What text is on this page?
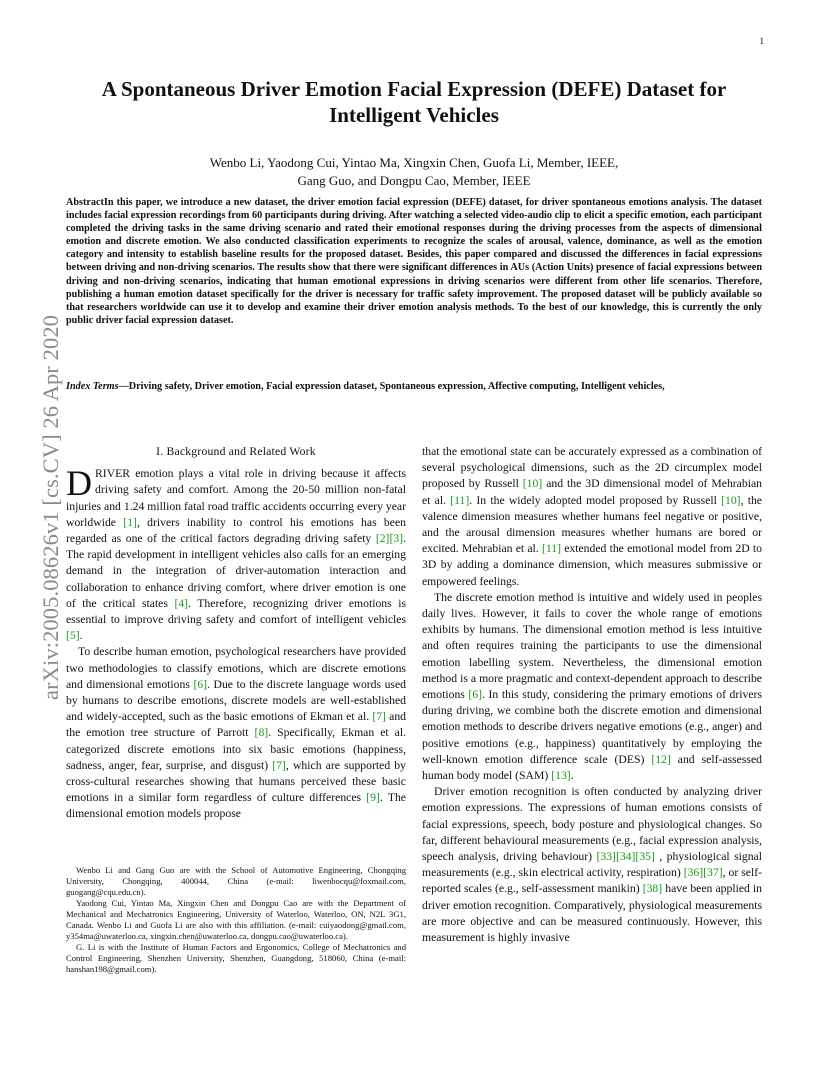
1
arXiv:2005.08626v1 [cs.CV] 26 Apr 2020
A Spontaneous Driver Emotion Facial Expression (DEFE) Dataset for Intelligent Vehicles
Wenbo Li, Yaodong Cui, Yintao Ma, Xingxin Chen, Guofa Li, Member, IEEE,
Gang Guo, and Dongpu Cao, Member, IEEE

AbstractIn this paper, we introduce a new dataset, the driver emotion facial expression (DEFE) dataset, for driver spontaneous emotions analysis. The dataset includes facial expression recordings from 60 participants during driving. After watching a selected video-audio clip to elicit a specific emotion, each participant completed the driving tasks in the same driving scenario and rated their emotional responses during the driving processes from the aspects of dimensional emotion and discrete emotion. We also conducted classification experiments to recognize the scales of arousal, valence, dominance, as well as the emotion category and intensity to establish baseline results for the proposed dataset. Besides, this paper compared and discussed the differences in facial expressions between driving and non-driving scenarios. The results show that there were significant differences in AUs (Action Units) presence of facial expressions between driving and non-driving scenarios, indicating that human emotional expressions in driving scenarios were different from other life scenarios. Therefore, publishing a human emotion dataset specifically for the driver is necessary for traffic safety improvement. The proposed dataset will be publicly available so that researchers worldwide can use it to develop and examine their driver emotion analysis methods. To the best of our knowledge, this is currently the only public driver facial expression dataset.

Index Terms—Driving safety, Driver emotion, Facial expression dataset, Spontaneous expression, Affective computing, Intelligent vehicles,

I. Background and Related Work

DRIVER emotion plays a vital role in driving because it affects driving safety and comfort. Among the 20-50 million non-fatal injuries and 1.24 million fatal road traffic accidents occurring every year worldwide [1], drivers inability to control his emotions has been regarded as one of the critical factors degrading driving safety [2][3]. The rapid development in intelligent vehicles also calls for an emerging demand in the integration of driver-automation interaction and collaboration to enhance driving comfort, where driver emotion is one of the critical states [4]. Therefore, recognizing driver emotions is essential to improve driving safety and comfort of intelligent vehicles [5].

To describe human emotion, psychological researchers have provided two methodologies to classify emotions, which are discrete emotions and dimensional emotions [6]. Due to the discrete language words used by humans to describe emotions, discrete models are well-established and widely-accepted, such as the basic emotions of Ekman et al. [7] and the emotion tree structure of Parrott [8]. Specifically, Ekman et al. categorized discrete emotions into six basic emotions (happiness, sadness, anger, fear, surprise, and disgust) [7], which are supported by cross-cultural researches showing that humans perceived these basic emotions in a similar form regardless of culture differences [9]. The dimensional emotion models propose

Wenbo Li and Gang Guo are with the School of Automotive Engineering, Chongqing University, Chongqing, 400044, China (e-mail: liwenbocqu@foxmail.com, guogang@cqu.edu.cn).

Yaodong Cui, Yintao Ma, Xingxin Chen and Dongpu Cao are with the Department of Mechanical and Mechatronics Engineering, University of Waterloo, Waterloo, ON, N2L 3G1, Canada. Wenbo Li and Guofa Li are also with this affiliation. (e-mail: cuiyaodong@gmail.com, y354ma@uwaterloo.ca, xingxin.chen@uwaterloo.ca, dongpu.cao@uwaterloo.ca).

G. Li is with the Institute of Human Factors and Ergonomics, College of Mechatronics and Control Engineering, Shenzhen University, Shenzhen, Guangdong, 518060, China (e-mail: hanshan198@gmail.com).

that the emotional state can be accurately expressed as a combination of several psychological dimensions, such as the 2D circumplex model proposed by Russell [10] and the 3D dimensional model of Mehrabian et al. [11]. In the widely adopted model proposed by Russell [10], the valence dimension measures whether humans feel negative or positive, and the arousal dimension measures whether humans are bored or excited. Mehrabian et al. [11] extended the emotional model from 2D to 3D by adding a dominance dimension, which measures submissive or empowered feelings.

The discrete emotion method is intuitive and widely used in peoples daily lives. However, it fails to cover the whole range of emotions exhibits by humans. The dimensional emotion method is less intuitive and often requires training the participants to use the dimensional emotion labelling system. Nevertheless, the dimensional emotion method is a more pragmatic and context-dependent approach to describe emotions [6]. In this study, considering the primary emotions of drivers during driving, we combine both the discrete emotion and dimensional emotion methods to describe drivers negative emotions (e.g., anger) and positive emotions (e.g., happiness) quantitatively by employing the well-known emotion difference scale (DES) [12] and self-assessed human body model (SAM) [13].

Driver emotion recognition is often conducted by analyzing driver emotion expressions. The expressions of human emotions consists of facial expressions, speech, body posture and physiological changes. So far, different behavioural measurements (e.g., facial expression analysis, speech analysis, driving behaviour) [33][34][35] , physiological signal measurements (e.g., skin electrical activity, respiration) [36][37], or self-reported scales (e.g., self-assessment manikin) [38] have been applied in driver emotion recognition. Comparatively, physiological measurements are more objective and can be measured continuously. However, this measurement is highly invasive
